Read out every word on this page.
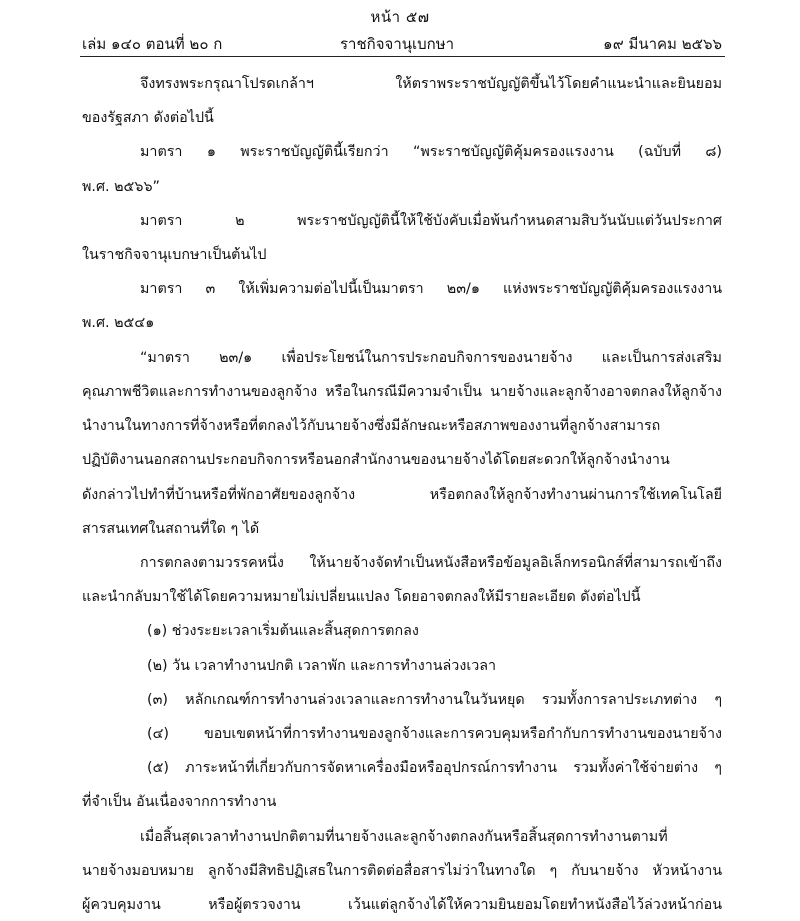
หน้า ๕๗
เล่ม ๑๔๐ ตอนที่ ๒๐ ก	ราชกิจจานุเบกษา	๑๙ มีนาคม ๒๕๖๖
จึงทรงพระกรุณาโปรดเกล้าฯ ให้ตราพระราชบัญญัติขึ้นไว้โดยคำแนะนำและยินยอม
ของรัฐสภา ดังต่อไปนี้
มาตรา ๑ พระราชบัญญัตินี้เรียกว่า “พระราชบัญญัติคุ้มครองแรงงาน (ฉบับที่ ๘)
พ.ศ. ๒๕๖๖”
มาตรา ๒ พระราชบัญญัตินี้ให้ใช้บังคับเมื่อพ้นกำหนดสามสิบวันนับแต่วันประกาศ
ในราชกิจจานุเบกษาเป็นต้นไป
มาตรา ๓ ให้เพิ่มความต่อไปนี้เป็นมาตรา ๒๓/๑ แห่งพระราชบัญญัติคุ้มครองแรงงาน
พ.ศ. ๒๕๔๑
“มาตรา ๒๓/๑ เพื่อประโยชน์ในการประกอบกิจการของนายจ้าง และเป็นการส่งเสริม
คุณภาพชีวิตและการทำงานของลูกจ้าง หรือในกรณีมีความจำเป็น นายจ้างและลูกจ้างอาจตกลงให้ลูกจ้าง
นำงานในทางการที่จ้างหรือที่ตกลงไว้กับนายจ้างซึ่งมีลักษณะหรือสภาพของงานที่ลูกจ้างสามารถ
ปฏิบัติงานนอกสถานประกอบกิจการหรือนอกสำนักงานของนายจ้างได้โดยสะดวกให้ลูกจ้างนำงาน
ดังกล่าวไปทำที่บ้านหรือที่พักอาศัยของลูกจ้าง หรือตกลงให้ลูกจ้างทำงานผ่านการใช้เทคโนโลยี
สารสนเทศในสถานที่ใด ๆ ได้
การตกลงตามวรรคหนึ่ง ให้นายจ้างจัดทำเป็นหนังสือหรือข้อมูลอิเล็กทรอนิกส์ที่สามารถเข้าถึง
และนำกลับมาใช้ได้โดยความหมายไม่เปลี่ยนแปลง โดยอาจตกลงให้มีรายละเอียด ดังต่อไปนี้
(๑) ช่วงระยะเวลาเริ่มต้นและสิ้นสุดการตกลง
(๒) วัน เวลาทำงานปกติ เวลาพัก และการทำงานล่วงเวลา
(๓) หลักเกณฑ์การทำงานล่วงเวลาและการทำงานในวันหยุด รวมทั้งการลาประเภทต่าง ๆ
(๔) ขอบเขตหน้าที่การทำงานของลูกจ้างและการควบคุมหรือกำกับการทำงานของนายจ้าง
(๕) ภาระหน้าที่เกี่ยวกับการจัดหาเครื่องมือหรืออุปกรณ์การทำงาน รวมทั้งค่าใช้จ่ายต่าง ๆ
ที่จำเป็น อันเนื่องจากการทำงาน
เมื่อสิ้นสุดเวลาทำงานปกติตามที่นายจ้างและลูกจ้างตกลงกันหรือสิ้นสุดการทำงานตามที่
นายจ้างมอบหมาย ลูกจ้างมีสิทธิปฏิเสธในการติดต่อสื่อสารไม่ว่าในทางใด ๆ กับนายจ้าง หัวหน้างาน
ผู้ควบคุมงาน หรือผู้ตรวจงาน เว้นแต่ลูกจ้างได้ให้ความยินยอมโดยทำหนังสือไว้ล่วงหน้าก่อน
